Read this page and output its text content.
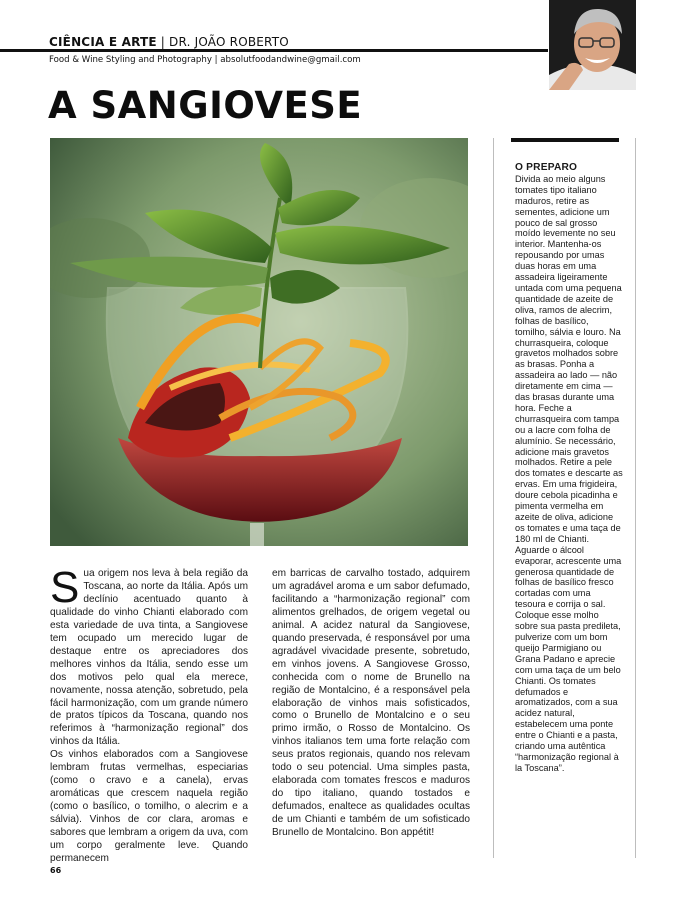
CIÊNCIA E ARTE | DR. JOÃO ROBERTO
Food & Wine Styling and Photography | absolutfoodandwine@gmail.com
A SANGIOVESE
O PREPARO

Divida ao meio alguns tomates tipo italiano maduros, retire as sementes, adicione um pouco de sal grosso moído levemente no seu interior. Mantenha-os repousando por umas duas horas em uma assadeira ligeiramente untada com uma pequena quantidade de azeite de oliva, ramos de alecrim, folhas de basílico, tomilho, sálvia e louro. Na churrasqueira, coloque gravetos molhados sobre as brasas. Ponha a assadeira ao lado — não diretamente em cima — das brasas durante uma hora. Feche a churrasqueira com tampa ou a lacre com folha de alumínio. Se necessário, adicione mais gravetos molhados. Retire a pele dos tomates e descarte as ervas. Em uma frigideira, doure cebola picadinha e pimenta vermelha em azeite de oliva, adicione os tomates e uma taça de 180 ml de Chianti. Aguarde o álcool evaporar, acrescente uma generosa quantidade de folhas de basílico fresco cortadas com uma tesoura e corrija o sal. Coloque esse molho sobre sua pasta predileta, pulverize com um bom queijo Parmigiano ou Grana Padano e aprecie com uma taça de um belo Chianti. Os tomates defumados e aromatizados, com a sua acidez natural, estabelecem uma ponte entre o Chianti e a pasta, criando uma autêntica “harmonização regional à la Toscana”.

S ua origem nos leva à bela região da Toscana, ao norte da Itália. Após um declínio acentuado quanto à qualidade do vinho Chianti elaborado com esta variedade de uva tinta, a Sangiovese tem ocupado um merecido lugar de destaque entre os apreciadores dos melhores vinhos da Itália, sendo esse um dos motivos pelo qual ela merece, novamente, nossa atenção, sobretudo, pela fácil harmonização, com um grande número de pratos típicos da Toscana, quando nos referimos à “harmonização regional” dos vinhos da Itália.

Os vinhos elaborados com a Sangiovese lembram frutas vermelhas, especiarias (como o cravo e a canela), ervas aromáticas que crescem naquela região (como o basílico, o tomilho, o alecrim e a sálvia). Vinhos de cor clara, aromas e sabores que lembram a origem da uva, com um corpo geralmente leve. Quando permanecem

em barricas de carvalho tostado, adquirem um agradável aroma e um sabor defumado, facilitando a “harmonização regional” com alimentos grelhados, de origem vegetal ou animal. A acidez natural da Sangiovese, quando preservada, é responsável por uma agradável vivacidade presente, sobretudo, em vinhos jovens. A Sangiovese Grosso, conhecida com o nome de Brunello na região de Montalcino, é a responsável pela elaboração de vinhos mais sofisticados, como o Brunello de Montalcino e o seu primo irmão, o Rosso de Montalcino. Os vinhos italianos tem uma forte relação com seus pratos regionais, quando nos relevam todo o seu potencial. Uma simples pasta, elaborada com tomates frescos e maduros do tipo italiano, quando tostados e defumados, enaltece as qualidades ocultas de um Chianti e também de um sofisticado Brunello de Montalcino. Bon appétit!

66
